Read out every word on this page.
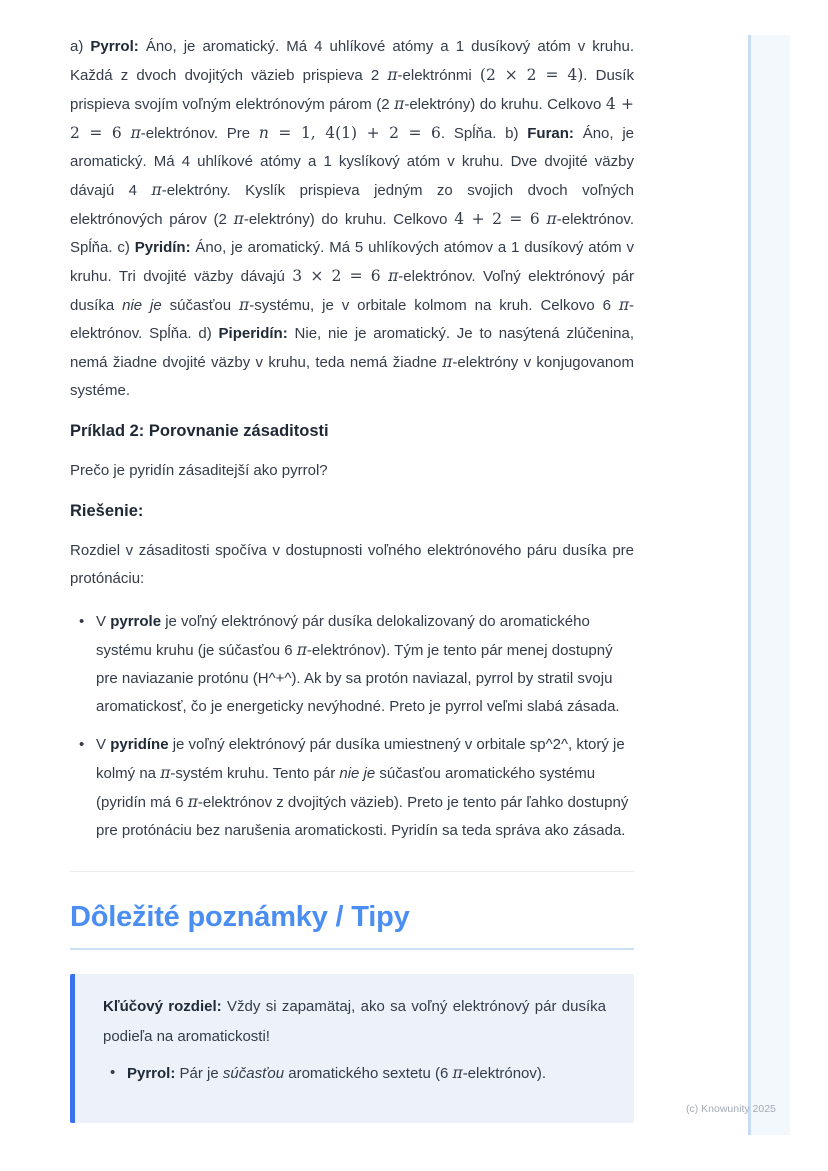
a) Pyrrol: Áno, je aromatický. Má 4 uhlíkové atómy a 1 dusíkový atóm v kruhu. Každá z dvoch dvojitých väzieb prispieva 2 π-elektrónmi (2 × 2 = 4). Dusík prispieva svojím voľným elektrónovým párom (2 π-elektróny) do kruhu. Celkovo 4 + 2 = 6 π-elektrónov. Pre n = 1, 4(1) + 2 = 6. Spĺňa. b) Furan: Áno, je aromatický. Má 4 uhlíkové atómy a 1 kyslíkový atóm v kruhu. Dve dvojité väzby dávajú 4 π-elektróny. Kyslík prispieva jedným zo svojich dvoch voľných elektrónových párov (2 π-elektróny) do kruhu. Celkovo 4 + 2 = 6 π-elektrónov. Spĺňa. c) Pyridín: Áno, je aromatický. Má 5 uhlíkových atómov a 1 dusíkový atóm v kruhu. Tri dvojité väzby dávajú 3 × 2 = 6 π-elektrónov. Voľný elektrónový pár dusíka nie je súčasťou π-systému, je v orbitale kolmom na kruh. Celkovo 6 π-elektrónov. Spĺňa. d) Piperidín: Nie, nie je aromatický. Je to nasýtená zlúčenina, nemá žiadne dvojité väzby v kruhu, teda nemá žiadne π-elektróny v konjugovanom systéme.

Príklad 2: Porovnanie zásaditosti

Prečo je pyridín zásaditejší ako pyrrol?

Riešenie:

Rozdiel v zásaditosti spočíva v dostupnosti voľného elektrónového páru dusíka pre protónáciu:

• V pyrrole je voľný elektrónový pár dusíka delokalizovaný do aromatického systému kruhu (je súčasťou 6 π-elektrónov). Tým je tento pár menej dostupný pre naviazanie protónu (H^+^). Ak by sa protón naviazal, pyrrol by stratil svoju aromatickosť, čo je energeticky nevýhodné. Preto je pyrrol veľmi slabá zásada.
• V pyridíne je voľný elektrónový pár dusíka umiestnený v orbitale sp^2^, ktorý je kolmý na π-systém kruhu. Tento pár nie je súčasťou aromatického systému (pyridín má 6 π-elektrónov z dvojitých väzieb). Preto je tento pár ľahko dostupný pre protónáciu bez narušenia aromatickosti. Pyridín sa teda správa ako zásada.
Dôležité poznámky / Tipy

Kľúčový rozdiel: Vždy si zapamätaj, ako sa voľný elektrónový pár dusíka podieľa na aromatickosti!

• Pyrrol: Pár je súčasťou aromatického sextetu (6 π-elektrónov).
(c) Knowunity 2025
